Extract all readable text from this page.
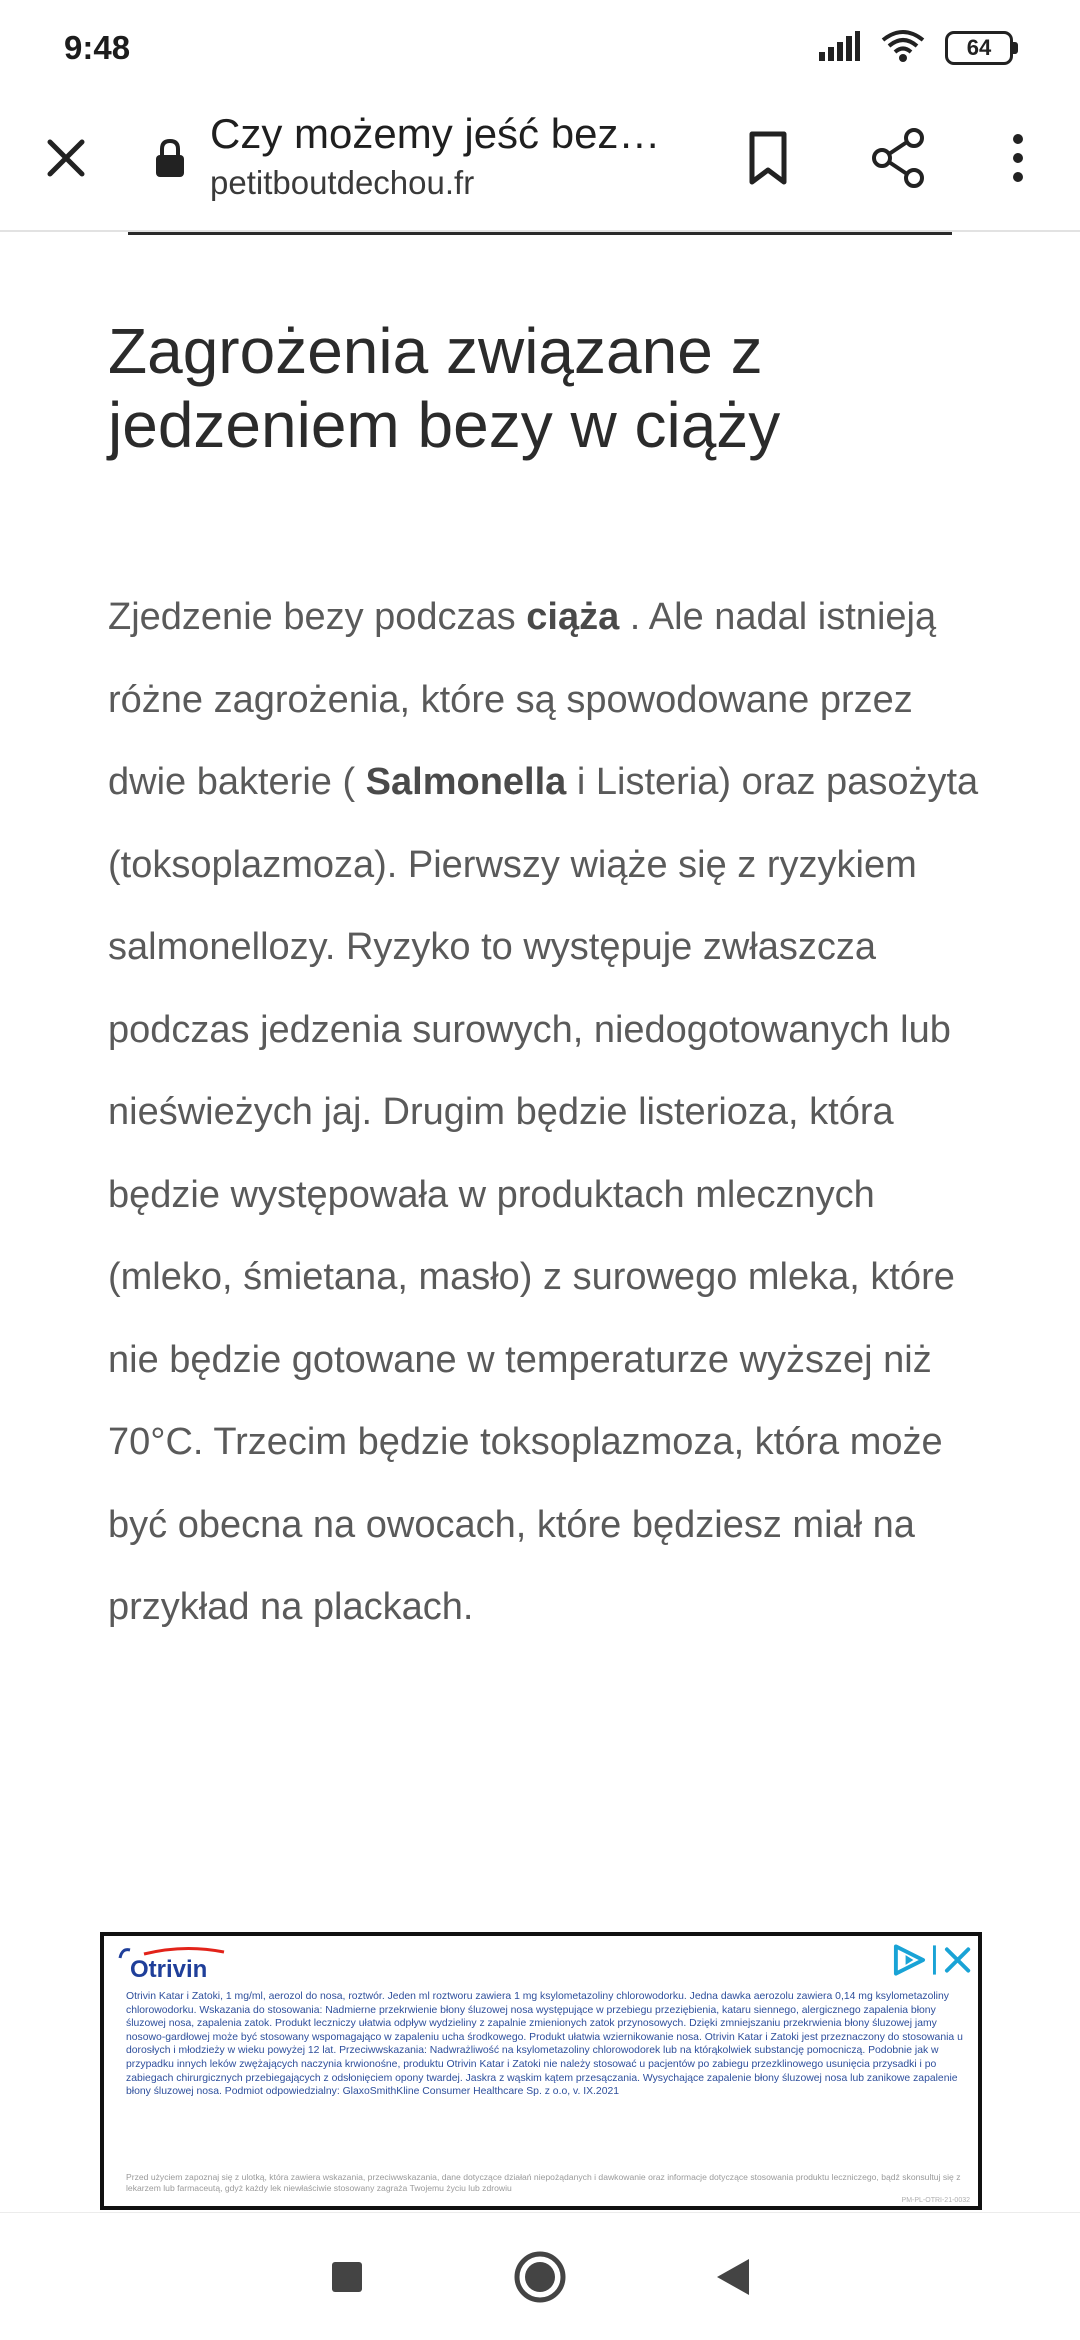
9:48	64
Czy możemy jeść bez…
petitboutdechou.fr
Zagrożenia związane z jedzeniem bezy w ciąży

Zjedzenie bezy podczas ciąża . Ale nadal istnieją różne zagrożenia, które są spowodowane przez dwie bakterie ( Salmonella i Listeria) oraz pasożyta (toksoplazmoza). Pierwszy wiąże się z ryzykiem salmonellozy. Ryzyko to występuje zwłaszcza podczas jedzenia surowych, niedogotowanych lub nieświeżych jaj. Drugim będzie listerioza, która będzie występowała w produktach mlecznych (mleko, śmietana, masło) z surowego mleka, które nie będzie gotowane w temperaturze wyższej niż 70°C. Trzecim będzie toksoplazmoza, która może być obecna na owocach, które będziesz miał na przykład na plackach.

Otrivin
Otrivin Katar i Zatoki, 1 mg/ml, aerozol do nosa, roztwór. Jeden ml roztworu zawiera 1 mg ksylometazoliny chlorowodorku. Jedna dawka aerozolu zawiera 0,14 mg ksylometazoliny chlorowodorku. Wskazania do stosowania: Nadmierne przekrwienie błony śluzowej nosa występujące w przebiegu przeziębienia, kataru siennego, alergicznego zapalenia błony śluzowej nosa, zapalenia zatok. Produkt leczniczy ułatwia odpływ wydzieliny z zapalnie zmienionych zatok przynosowych. Dzięki zmniejszaniu przekrwienia błony śluzowej jamy nosowo-gardłowej może być stosowany wspomagająco w zapaleniu ucha środkowego. Produkt ułatwia wziernikowanie nosa. Otrivin Katar i Zatoki jest przeznaczony do stosowania u dorosłych i młodzieży w wieku powyżej 12 lat. Przeciwwskazania: Nadwrażliwość na ksylometazoliny chlorowodorek lub na którąkolwiek substancję pomocniczą. Podobnie jak w przypadku innych leków zwężających naczynia krwionośne, produktu Otrivin Katar i Zatoki nie należy stosować u pacjentów po zabiegu przezklinowego usunięcia przysadki i po zabiegach chirurgicznych przebiegających z odsłonięciem opony twardej. Jaskra z wąskim kątem przesączania. Wysychające zapalenie błony śluzowej nosa lub zanikowe zapalenie błony śluzowej nosa. Podmiot odpowiedzialny: GlaxoSmithKline Consumer Healthcare Sp. z o.o, v. IX.2021
Przed użyciem zapoznaj się z ulotką, która zawiera wskazania, przeciwwskazania, dane dotyczące działań niepożądanych i dawkowanie oraz informacje dotyczące stosowania produktu leczniczego, bądź skonsultuj się z lekarzem lub farmaceutą, gdyż każdy lek niewłaściwie stosowany zagraża Twojemu życiu lub zdrowiu
PM-PL-OTRI-21-0032
